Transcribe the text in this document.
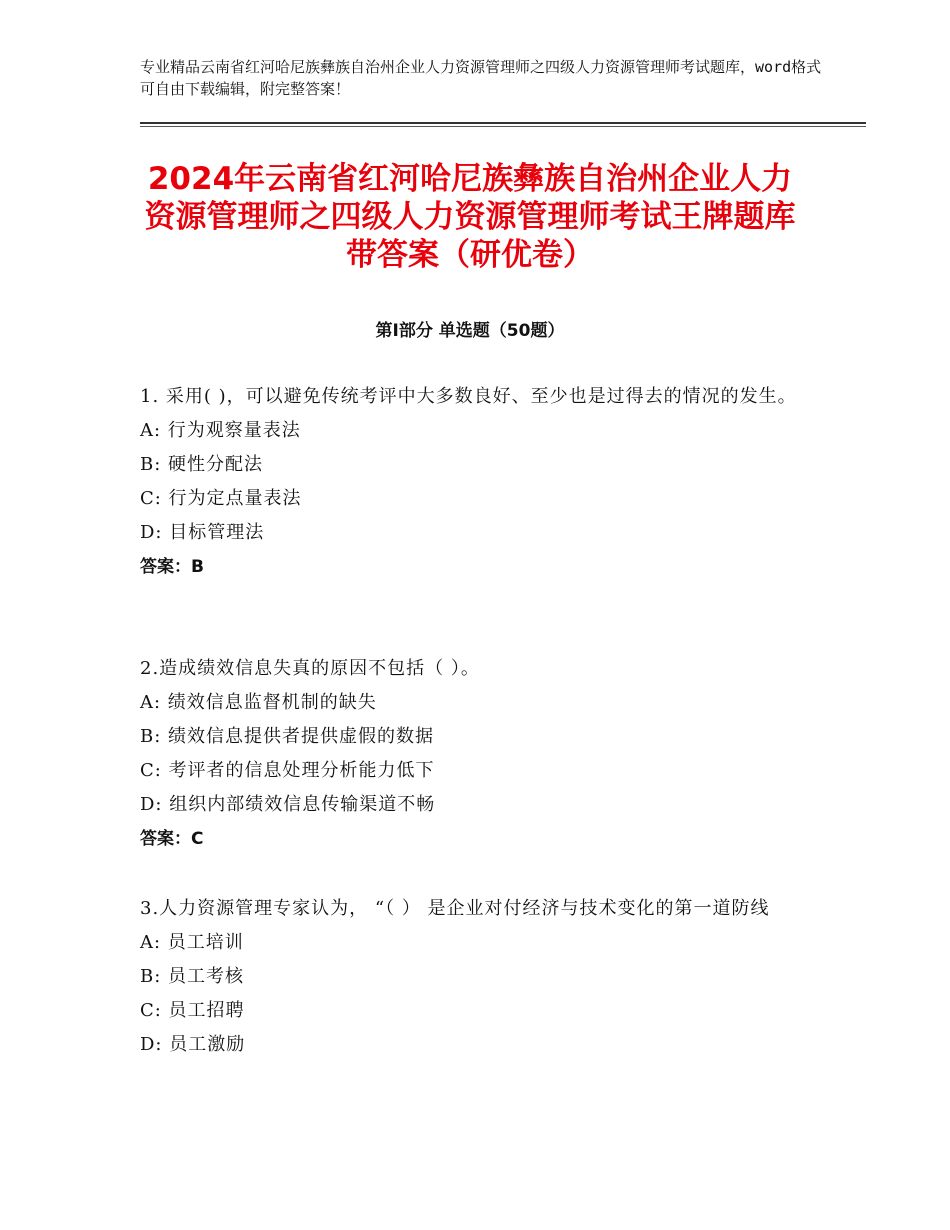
专业精品云南省红河哈尼族彝族自治州企业人力资源管理师之四级人力资源管理师考试题库，word格式可自由下载编辑，附完整答案！
2024年云南省红河哈尼族彝族自治州企业人力资源管理师之四级人力资源管理师考试王牌题库带答案（研优卷）
第Ⅰ部分 单选题（50题）
1. 采用( )，可以避免传统考评中大多数良好、至少也是过得去的情况的发生。
A: 行为观察量表法
B: 硬性分配法
C: 行为定点量表法
D: 目标管理法
答案：B
2.造成绩效信息失真的原因不包括（ ）。
A: 绩效信息监督机制的缺失
B: 绩效信息提供者提供虚假的数据
C: 考评者的信息处理分析能力低下
D: 组织内部绩效信息传输渠道不畅
答案：C
3.人力资源管理专家认为， “（ ） 是企业对付经济与技术变化的第一道防线
A: 员工培训
B: 员工考核
C: 员工招聘
D: 员工激励
